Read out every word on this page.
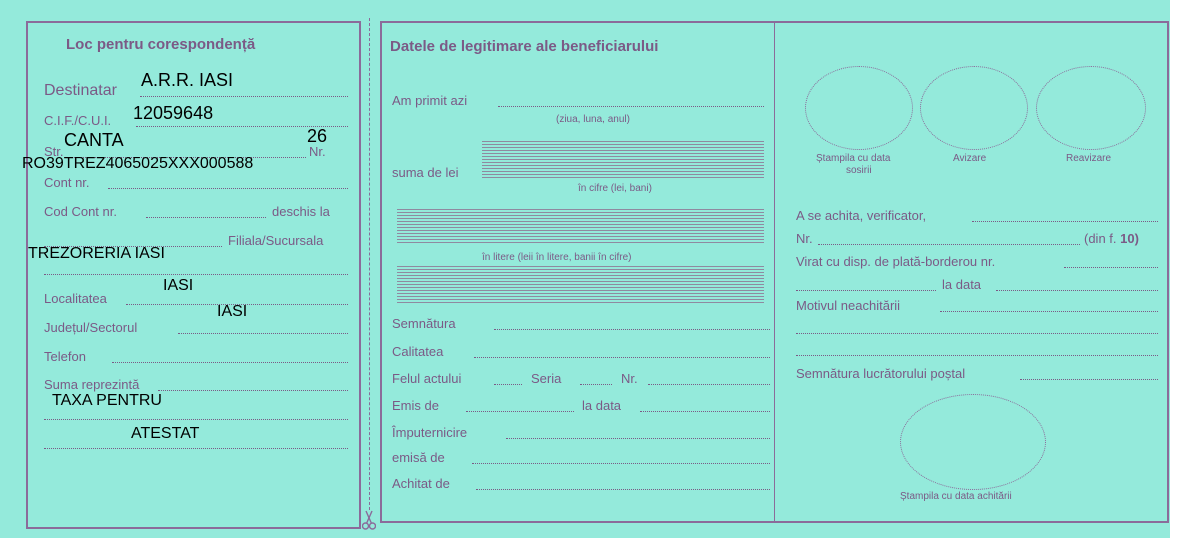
Loc pentru corespondență
Destinatar
A.R.R. IASI
C.I.F./C.U.I. 12059648
Str.
CANTA
Nr.
26
RO39TREZ4065025XXX000588
Cont nr.
Cod Cont nr.	deschis la
Filiala/Sucursala
TREZORERIA IASI
Localitatea
IASI
Județul/Sectorul
IASI
Telefon
Suma reprezintă
TAXA PENTRU
ATESTAT
Datele de legitimare ale beneficiarului
Am primit azi
(ziua, luna, anul)
suma de lei
în cifre (lei, bani)
în litere (leii în litere, banii în cifre)
Semnătura
Calitatea
Felul actului	Seria	Nr.
Emis de	la data
Împuternicire
emisă de
Achitat de
Ștampila cu data
sosirii
Avizare	Reavizare
A se achita, verificator,
Nr.	(din f. 10)
Virat cu disp. de plată-borderou nr.
la data
Motivul neachitării
Semnătura lucrătorului poștal
Ștampila cu data achitării
